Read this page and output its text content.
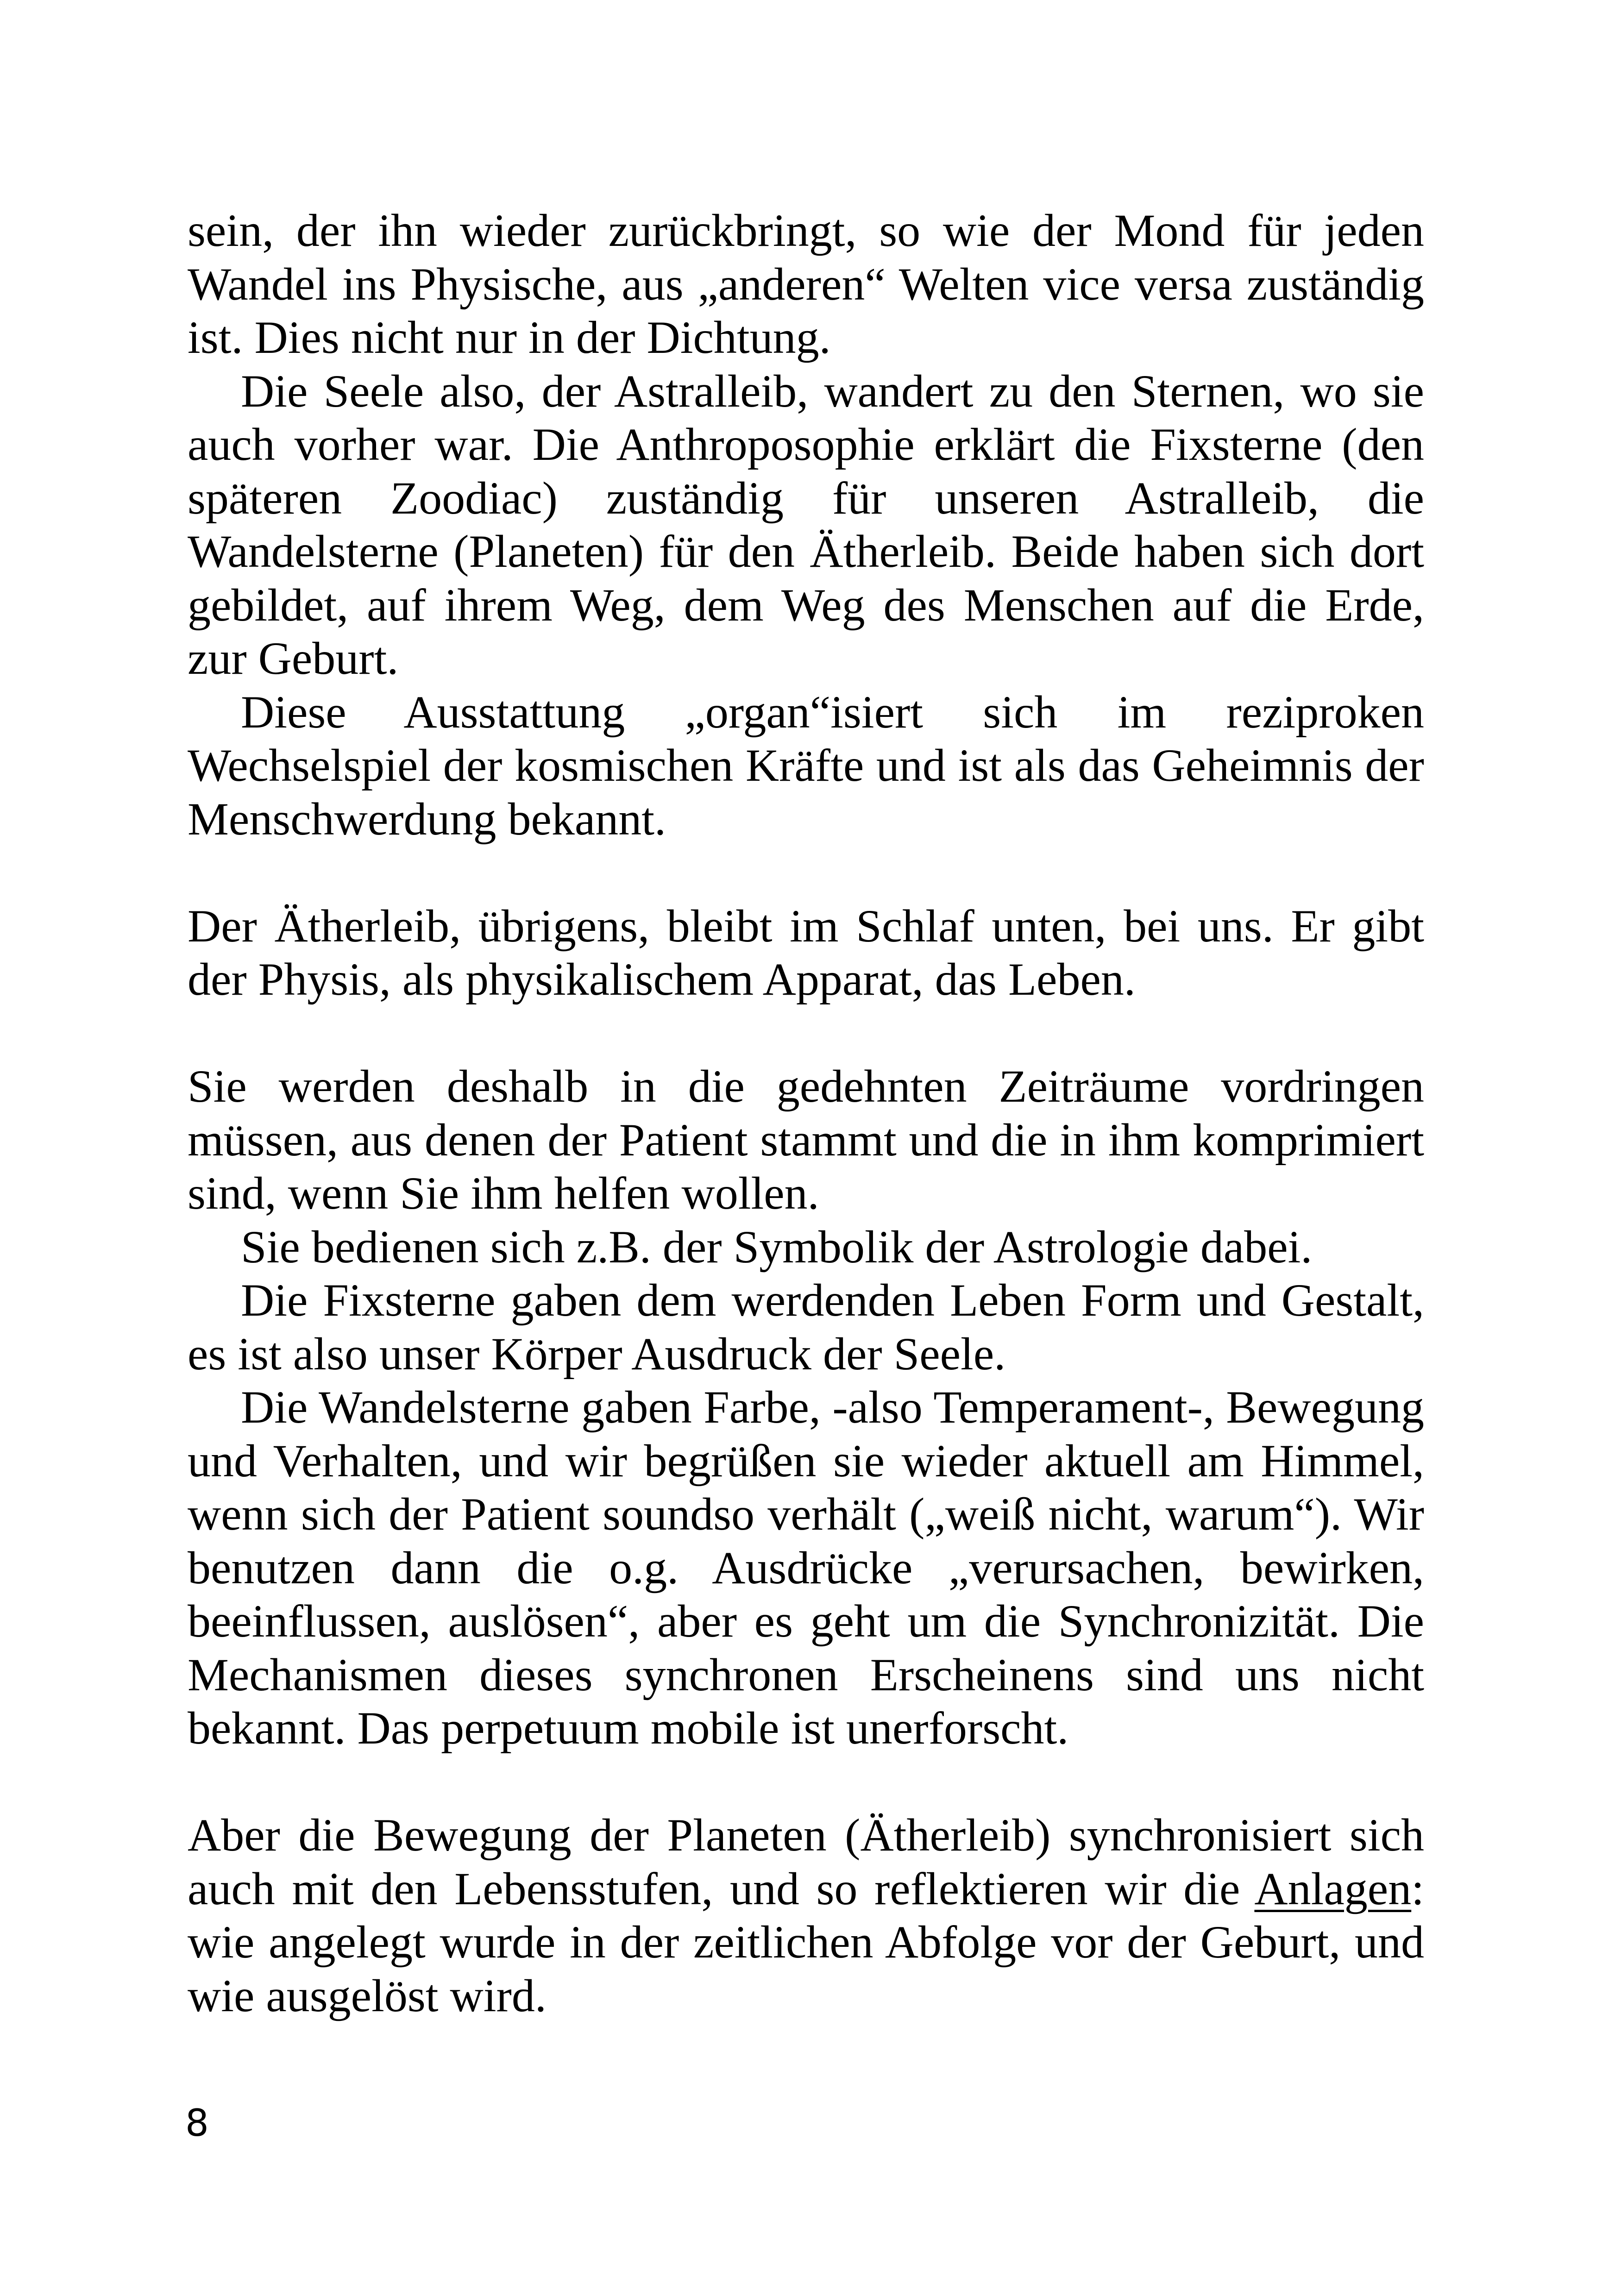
sein, der ihn wieder zurückbringt, so wie der Mond für jeden Wandel ins Physische, aus „anderen“ Welten vice versa zuständig ist. Dies nicht nur in der Dichtung.

Die Seele also, der Astralleib, wandert zu den Sternen, wo sie auch vorher war. Die Anthroposophie erklärt die Fixsterne (den späteren Zoodiac) zuständig für unseren Astralleib, die Wandelsterne (Planeten) für den Ätherleib. Beide haben sich dort gebildet, auf ihrem Weg, dem Weg des Menschen auf die Erde, zur Geburt.

Diese Ausstattung „organ“isiert sich im reziproken Wechselspiel der kosmischen Kräfte und ist als das Geheimnis der Menschwerdung bekannt.

Der Ätherleib, übrigens, bleibt im Schlaf unten, bei uns. Er gibt der Physis, als physikalischem Apparat, das Leben.

Sie werden deshalb in die gedehnten Zeiträume vordringen müssen, aus denen der Patient stammt und die in ihm komprimiert sind, wenn Sie ihm helfen wollen.

Sie bedienen sich z.B. der Symbolik der Astrologie dabei.

Die Fixsterne gaben dem werdenden Leben Form und Gestalt, es ist also unser Körper Ausdruck der Seele.

Die Wandelsterne gaben Farbe, -also Temperament-, Bewegung und Verhalten, und wir begrüßen sie wieder aktuell am Himmel, wenn sich der Patient soundso verhält („weiß nicht, warum“). Wir benutzen dann die o.g. Ausdrücke „verursachen, bewirken, beeinflussen, auslösen“, aber es geht um die Synchronizität. Die Mechanismen dieses synchronen Erscheinens sind uns nicht bekannt. Das perpetuum mobile ist unerforscht.

Aber die Bewegung der Planeten (Ätherleib) synchronisiert sich auch mit den Lebensstufen, und so reflektieren wir die Anlagen: wie angelegt wurde in der zeitlichen Abfolge vor der Geburt, und wie ausgelöst wird.

8
